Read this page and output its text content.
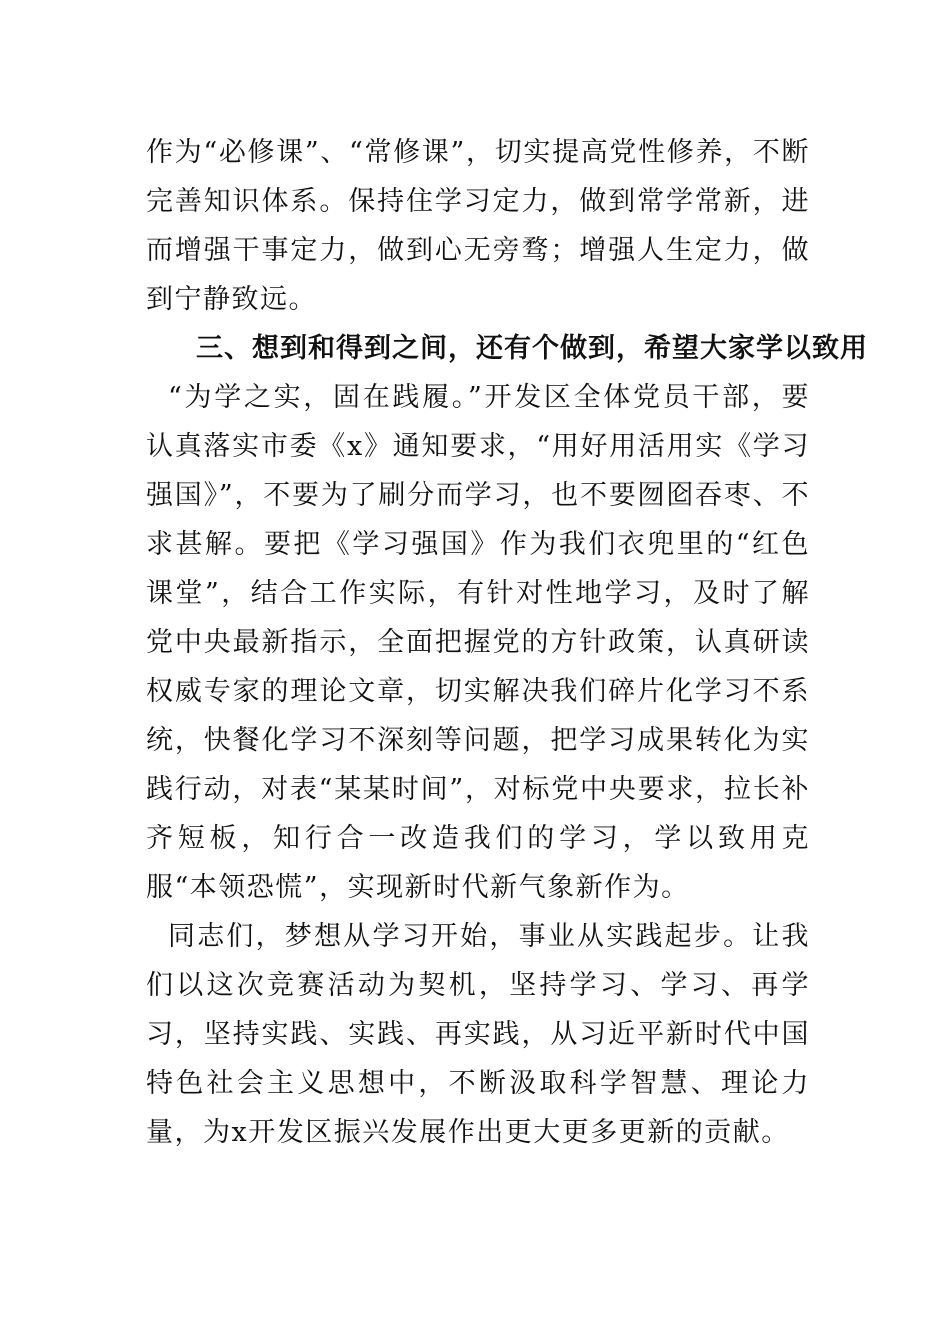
作为“必修课”、“常修课”，切实提高党性修养，不断完善知识体系。保持住学习定力，做到常学常新，进而增强干事定力，做到心无旁骛；增强人生定力，做到宁静致远。

三、想到和得到之间，还有个做到，希望大家学以致用

“为学之实，固在践履。”开发区全体党员干部，要认真落实市委《x》通知要求，“用好用活用实《学习强国》”，不要为了刷分而学习，也不要囫囵吞枣、不求甚解。要把《学习强国》作为我们衣兜里的“红色课堂”，结合工作实际，有针对性地学习，及时了解党中央最新指示，全面把握党的方针政策，认真研读权威专家的理论文章，切实解决我们碎片化学习不系统，快餐化学习不深刻等问题，把学习成果转化为实践行动，对表“某某时间”，对标党中央要求，拉长补齐短板，知行合一改造我们的学习，学以致用克服“本领恐慌”，实现新时代新气象新作为。

同志们，梦想从学习开始，事业从实践起步。让我们以这次竞赛活动为契机，坚持学习、学习、再学习，坚持实践、实践、再实践，从习近平新时代中国特色社会主义思想中，不断汲取科学智慧、理论力量，为x开发区振兴发展作出更大更多更新的贡献。
